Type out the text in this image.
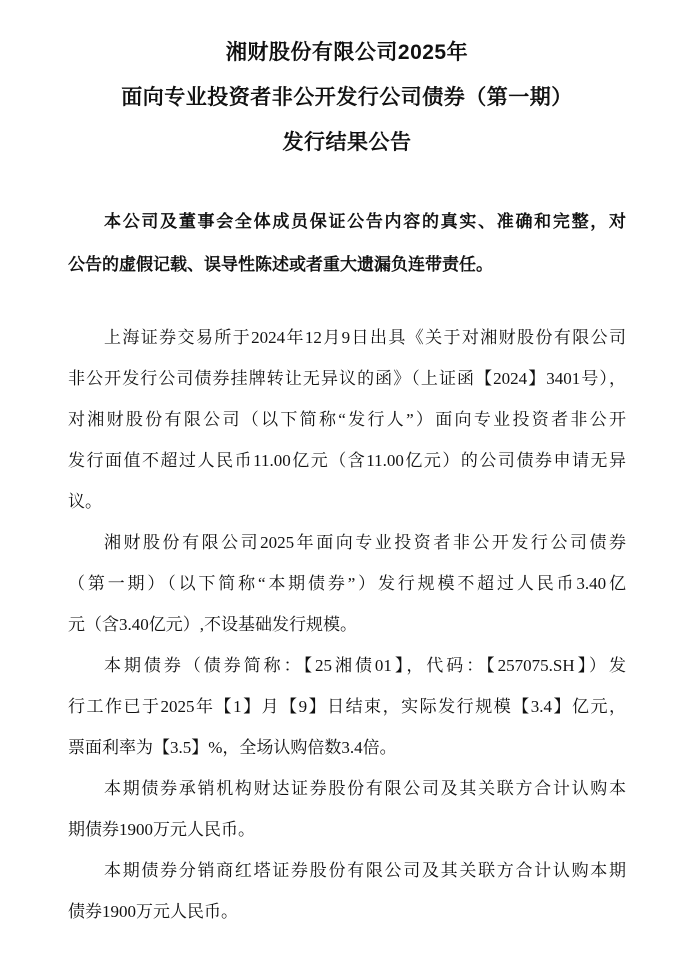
湘财股份有限公司2025年
面向专业投资者非公开发行公司债券（第一期）
发行结果公告
本公司及董事会全体成员保证公告内容的真实、准确和完整，对
公告的虚假记载、误导性陈述或者重大遗漏负连带责任。
上海证券交易所于2024年12月9日出具《关于对湘财股份有限公司
非公开发行公司债券挂牌转让无异议的函》（上证函【2024】3401号），
对湘财股份有限公司（以下简称“发行人”）面向专业投资者非公开
发行面值不超过人民币11.00亿元（含11.00亿元）的公司债券申请无异
议。
湘财股份有限公司2025年面向专业投资者非公开发行公司债券
（第一期）（以下简称“本期债券”）发行规模不超过人民币3.40亿
元（含3.40亿元）,不设基础发行规模。
本期债券（债券简称：【25湘债01】，代码：【257075.SH】）发
行工作已于2025年【1】月【9】日结束，实际发行规模【3.4】亿元，
票面利率为【3.5】%，全场认购倍数3.4倍。
本期债券承销机构财达证券股份有限公司及其关联方合计认购本
期债券1900万元人民币。
本期债券分销商红塔证券股份有限公司及其关联方合计认购本期
债券1900万元人民币。
